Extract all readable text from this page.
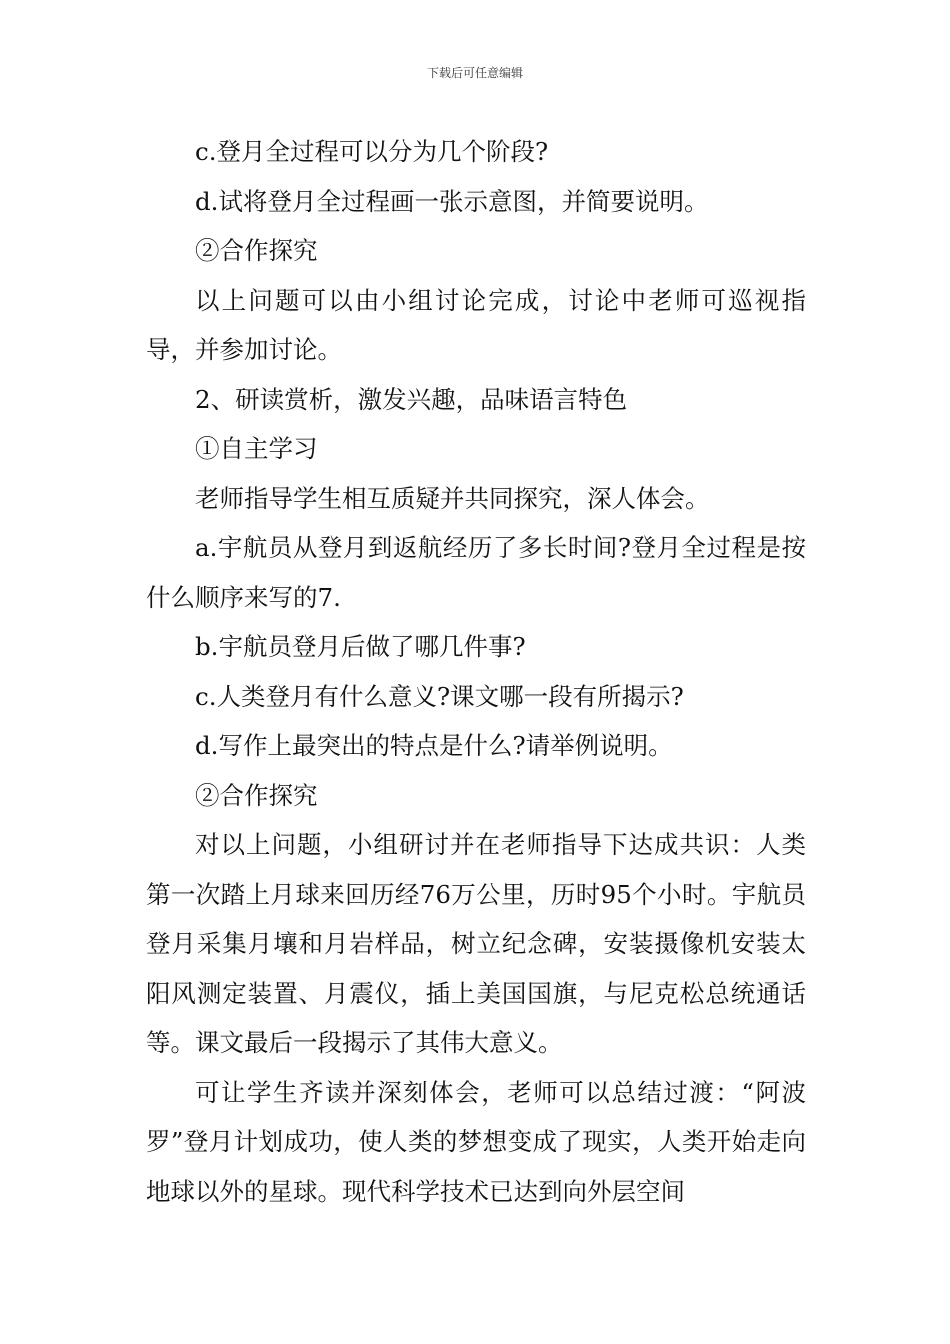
下载后可任意编辑

c.登月全过程可以分为几个阶段?

d.试将登月全过程画一张示意图，并简要说明。

②合作探究

以上问题可以由小组讨论完成，讨论中老师可巡视指导，并参加讨论。

2、研读赏析，激发兴趣，品味语言特色

①自主学习

老师指导学生相互质疑并共同探究，深人体会。

a.宇航员从登月到返航经历了多长时间?登月全过程是按什么顺序来写的7.

b.宇航员登月后做了哪几件事?

c.人类登月有什么意义?课文哪一段有所揭示?

d.写作上最突出的特点是什么?请举例说明。

②合作探究

对以上问题，小组研讨并在老师指导下达成共识：人类第一次踏上月球来回历经76万公里，历时95个小时。宇航员登月采集月壤和月岩样品，树立纪念碑，安装摄像机安装太阳风测定装置、月震仪，插上美国国旗，与尼克松总统通话等。课文最后一段揭示了其伟大意义。

可让学生齐读并深刻体会，老师可以总结过渡：“阿波罗”登月计划成功，使人类的梦想变成了现实，人类开始走向地球以外的星球。现代科学技术已达到向外层空间
